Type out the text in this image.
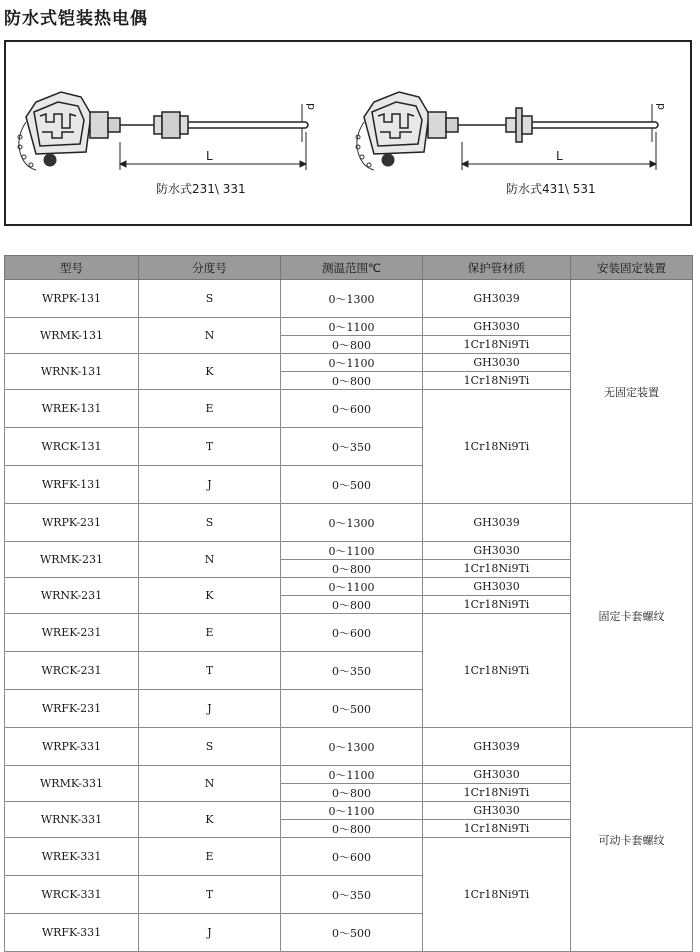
防水式铠装热电偶
L
d
防水式231\ 331
L
d
防水式431\ 531
型号	分度号	测温范围℃	保护管材质	安装固定装置
WRPK-131	S	0～1300	GH3039	无固定装置
WRMK-131	N	0～1100	GH3030	
		0～800	1Cr18Ni9Ti	
WRNK-131	K	0～1100	GH3030	
		0～800	1Cr18Ni9Ti	
WREK-131	E	0～600	1Cr18Ni9Ti	
WRCK-131	T	0～350		
WRFK-131	J	0～500		
WRPK-231	S	0～1300	GH3039	固定卡套螺纹
WRMK-231	N	0～1100	GH3030	
		0～800	1Cr18Ni9Ti	
WRNK-231	K	0～1100	GH3030	
		0～800	1Cr18Ni9Ti	
WREK-231	E	0～600	1Cr18Ni9Ti	
WRCK-231	T	0～350		
WRFK-231	J	0～500		
WRPK-331	S	0～1300	GH3039	可动卡套螺纹
WRMK-331	N	0～1100	GH3030	
		0～800	1Cr18Ni9Ti	
WRNK-331	K	0～1100	GH3030	
		0～800	1Cr18Ni9Ti	
WREK-331	E	0～600	1Cr18Ni9Ti	
WRCK-331	T	0～350		
WRFK-331	J	0～500		
